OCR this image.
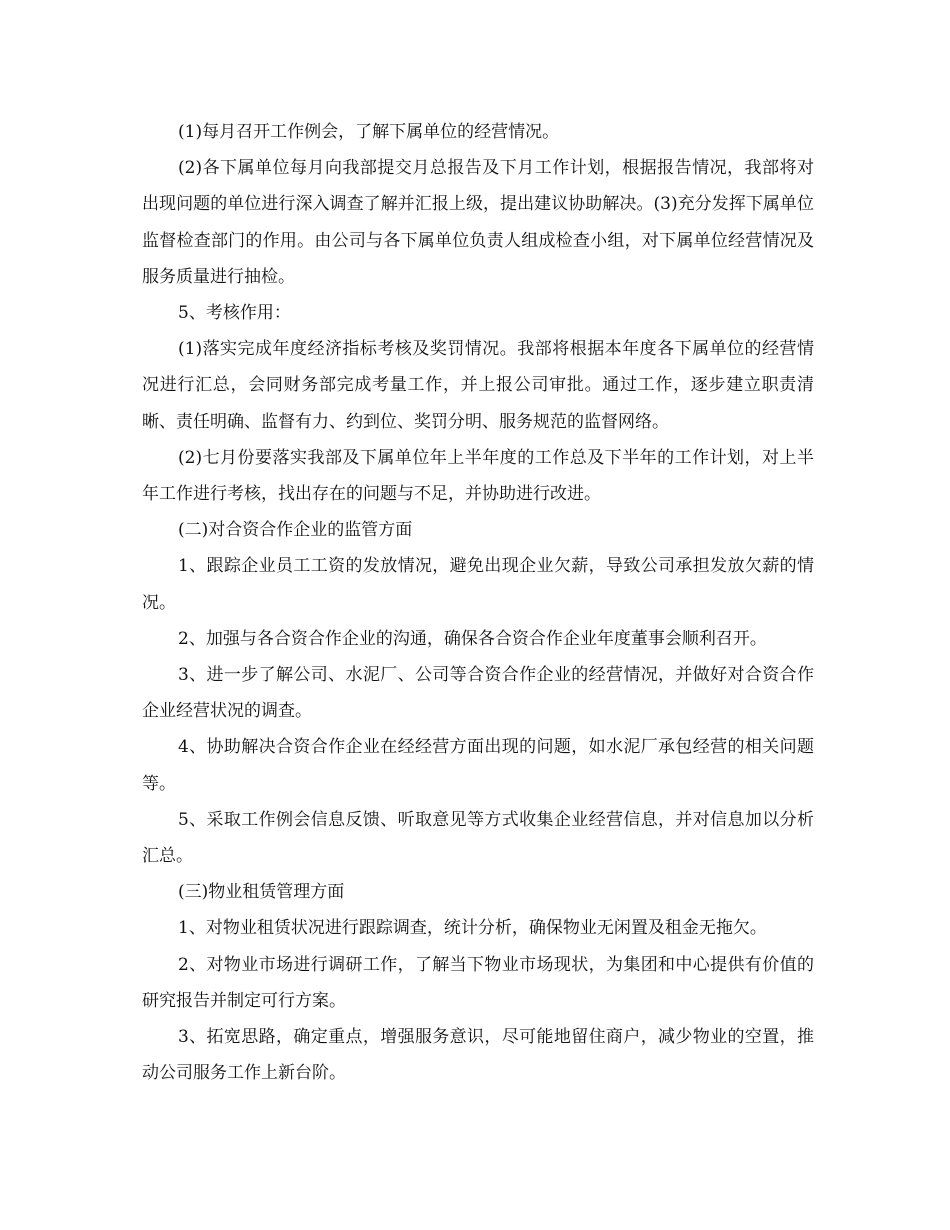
(1)每月召开工作例会，了解下属单位的经营情况。

(2)各下属单位每月向我部提交月总报告及下月工作计划，根据报告情况，我部将对出现问题的单位进行深入调查了解并汇报上级，提出建议协助解决。(3)充分发挥下属单位监督检查部门的作用。由公司与各下属单位负责人组成检查小组，对下属单位经营情况及服务质量进行抽检。

5、考核作用：

(1)落实完成年度经济指标考核及奖罚情况。我部将根据本年度各下属单位的经营情况进行汇总，会同财务部完成考量工作，并上报公司审批。通过工作，逐步建立职责清晰、责任明确、监督有力、约到位、奖罚分明、服务规范的监督网络。

(2)七月份要落实我部及下属单位年上半年度的工作总及下半年的工作计划，对上半年工作进行考核，找出存在的问题与不足，并协助进行改进。

(二)对合资合作企业的监管方面

1、跟踪企业员工工资的发放情况，避免出现企业欠薪，导致公司承担发放欠薪的情况。

2、加强与各合资合作企业的沟通，确保各合资合作企业年度董事会顺利召开。

3、进一步了解公司、水泥厂、公司等合资合作企业的经营情况，并做好对合资合作企业经营状况的调查。

4、协助解决合资合作企业在经经营方面出现的问题，如水泥厂承包经营的相关问题等。

5、采取工作例会信息反馈、听取意见等方式收集企业经营信息，并对信息加以分析汇总。

(三)物业租赁管理方面

1、对物业租赁状况进行跟踪调查，统计分析，确保物业无闲置及租金无拖欠。

2、对物业市场进行调研工作，了解当下物业市场现状，为集团和中心提供有价值的研究报告并制定可行方案。

3、拓宽思路，确定重点，增强服务意识，尽可能地留住商户，减少物业的空置，推动公司服务工作上新台阶。
